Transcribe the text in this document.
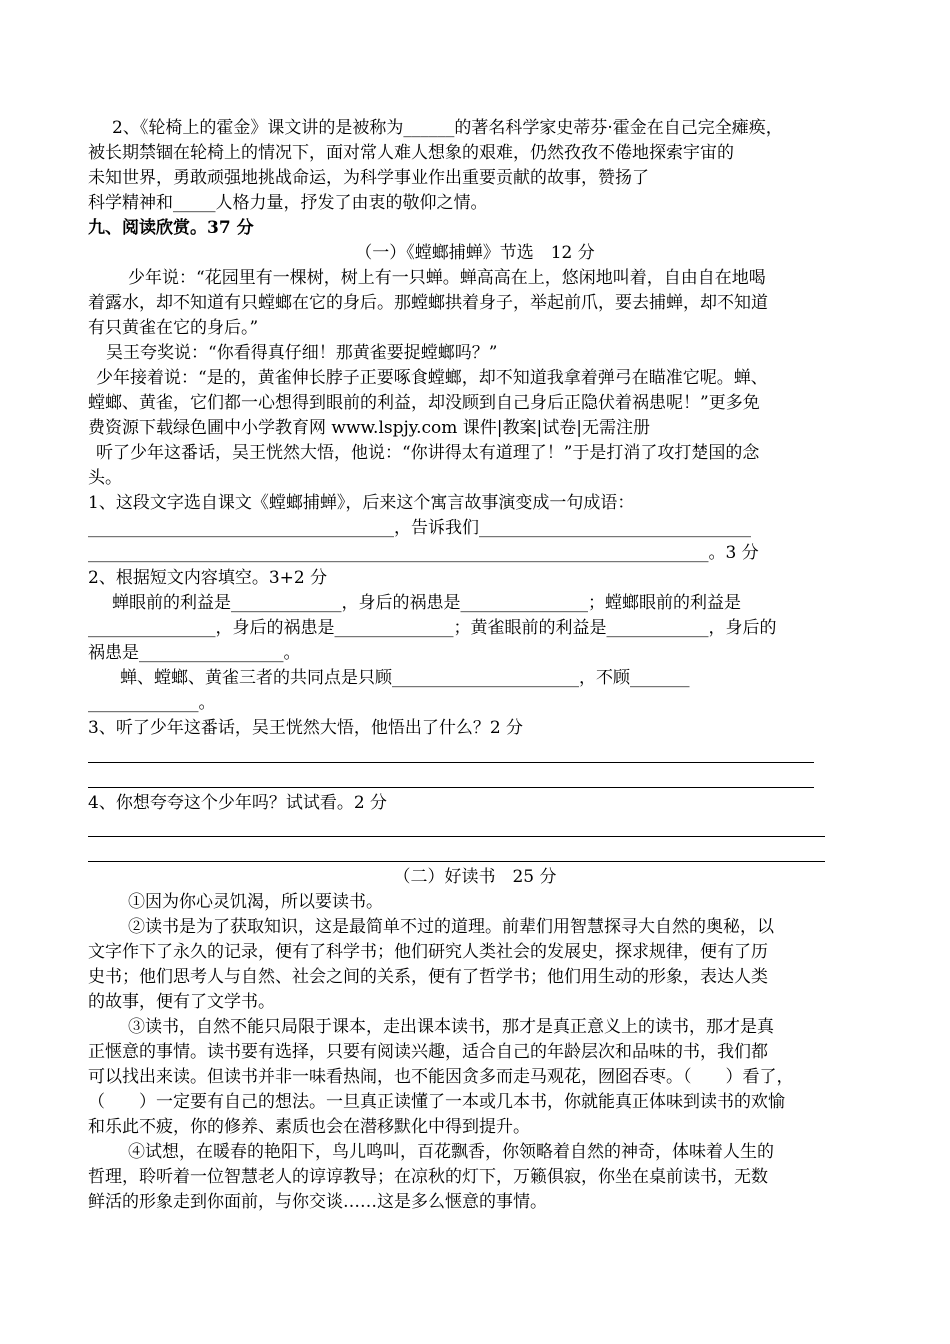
2、《轮椅上的霍金》课文讲的是被称为______的著名科学家史蒂芬·霍金在自己完全瘫痪，
被长期禁锢在轮椅上的情况下，面对常人难人想象的艰难，仍然孜孜不倦地探索宇宙的
未知世界，勇敢顽强地挑战命运，为科学事业作出重要贡献的故事，赞扬了
科学精神和_____人格力量，抒发了由衷的敬仰之情。
九、阅读欣赏。37 分
（一）《螳螂捕蝉》节选　12 分
少年说：“花园里有一棵树，树上有一只蝉。蝉高高在上，悠闲地叫着，自由自在地喝
着露水，却不知道有只螳螂在它的身后。那螳螂拱着身子，举起前爪，要去捕蝉，却不知道
有只黄雀在它的身后。”
吴王夸奖说：“你看得真仔细！那黄雀要捉螳螂吗？”
少年接着说：“是的，黄雀伸长脖子正要啄食螳螂，却不知道我拿着弹弓在瞄准它呢。蝉、
螳螂、黄雀，它们都一心想得到眼前的利益，却没顾到自己身后正隐伏着祸患呢！”更多免
费资源下载绿色圃中小学教育网 www.lspjy.com 课件|教案|试卷|无需注册
听了少年这番话，吴王恍然大悟，他说：“你讲得太有道理了！”于是打消了攻打楚国的念
头。
1、这段文字选自课文《螳螂捕蝉》，后来这个寓言故事演变成一句成语：
____________________________________，告诉我们________________________________
_________________________________________________________________________。3 分
2、根据短文内容填空。3+2 分
蝉眼前的利益是_____________，身后的祸患是_______________；螳螂眼前的利益是
_______________，身后的祸患是______________；黄雀眼前的利益是____________，身后的
祸患是_________________。
蝉、螳螂、黄雀三者的共同点是只顾______________________，不顾_______
_____________。
3、听了少年这番话，吴王恍然大悟，他悟出了什么？2 分
4、你想夸夸这个少年吗？试试看。2 分
（二）好读书　25 分
①因为你心灵饥渴，所以要读书。
②读书是为了获取知识，这是最简单不过的道理。前辈们用智慧探寻大自然的奥秘，以
文字作下了永久的记录，便有了科学书；他们研究人类社会的发展史，探求规律，便有了历
史书；他们思考人与自然、社会之间的关系，便有了哲学书；他们用生动的形象，表达人类
的故事，便有了文学书。
③读书，自然不能只局限于课本，走出课本读书，那才是真正意义上的读书，那才是真
正惬意的事情。读书要有选择，只要有阅读兴趣，适合自己的年龄层次和品味的书，我们都
可以找出来读。但读书并非一味看热闹，也不能因贪多而走马观花，囫囵吞枣。（　　）看了，
（　　）一定要有自己的想法。一旦真正读懂了一本或几本书，你就能真正体味到读书的欢愉
和乐此不疲，你的修养、素质也会在潜移默化中得到提升。
④试想，在暖春的艳阳下，鸟儿鸣叫，百花飘香，你领略着自然的神奇，体味着人生的
哲理，聆听着一位智慧老人的谆谆教导；在凉秋的灯下，万籁俱寂，你坐在桌前读书，无数
鲜活的形象走到你面前，与你交谈……这是多么惬意的事情。
